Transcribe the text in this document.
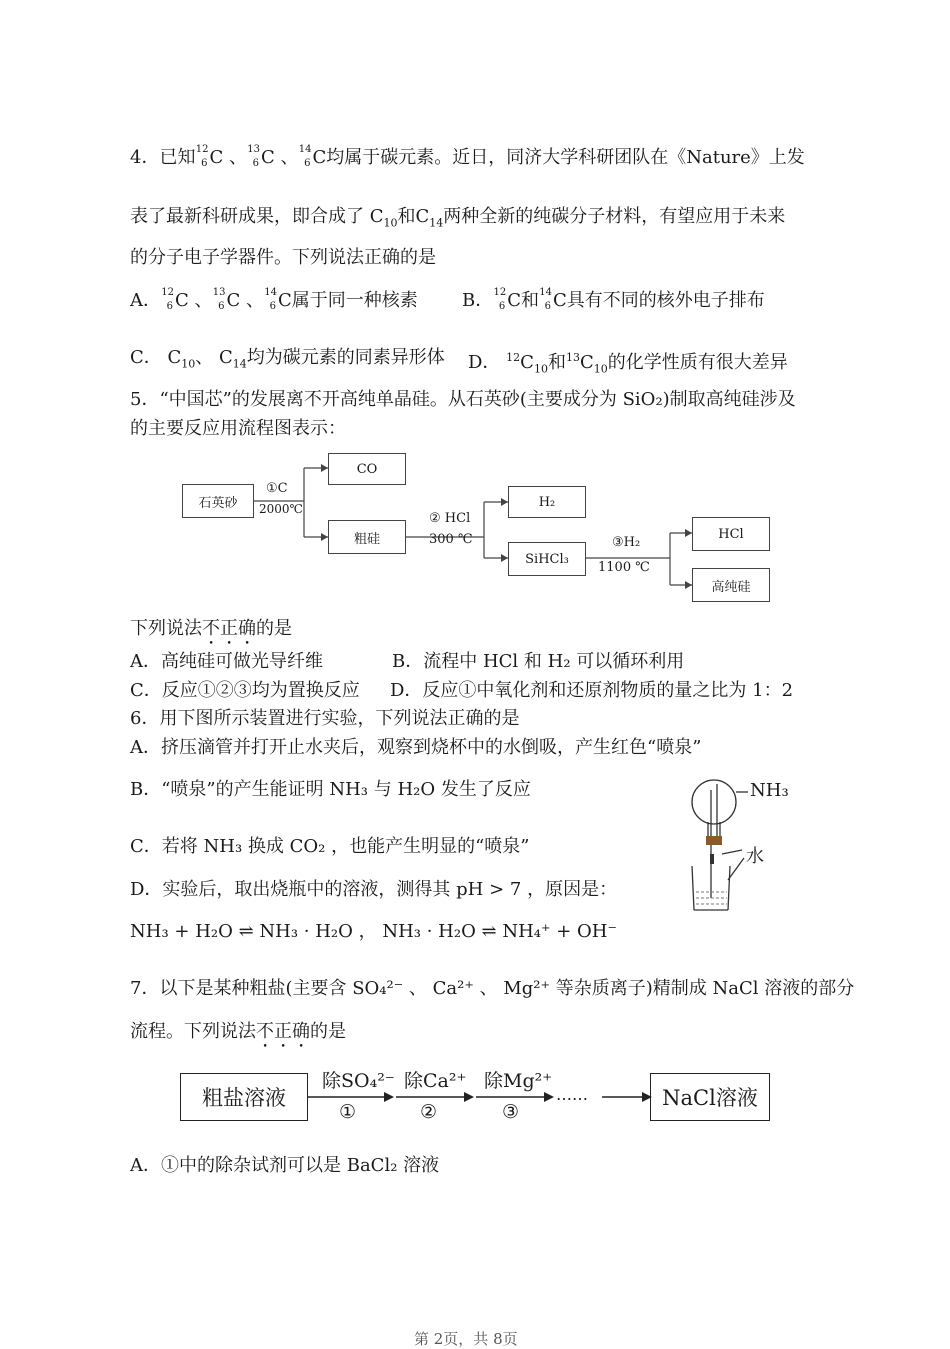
4．已知 12
6 C 、 13
6 C 、 14
6 C均属于碳元素。近日，同济大学科研团队在《Nature》上发
表了最新科研成果，即合成了 $C_{10}$和$C_{14}$两种全新的纯碳分子材料，有望应用于未来
的分子电子学器件。下列说法正确的是
A． 12
6 C 、 13
6 C 、 14
6 C属于同一种核素 B． 12
6 C和 14
6 C具有不同的核外电子排布
C． $C_{10}$、 $C_{14}$均为碳元素的同素异形体 D． $^{12}C_{10}$和$^{13}C_{10}$的化学性质有很大差异
5．“中国芯”的发展离不开高纯单晶硅。从石英砂(主要成分为 SiO₂)制取高纯硅涉及
的主要反应用流程图表示：
石英砂
CO
粗硅
H₂
SiHCl₃
HCl
高纯硅
①C
2000℃
② HCl
300 ℃	③H₂
1100 ℃
下列说法不正确的是
A．高纯硅可做光导纤维	B．流程中 HCl 和 H₂ 可以循环利用
C．反应①②③均为置换反应 D．反应①中氧化剂和还原剂物质的量之比为 1：2
6．用下图所示装置进行实验，下列说法正确的是
A．挤压滴管并打开止水夹后，观察到烧杯中的水倒吸，产生红色“喷泉”
B．“喷泉”的产生能证明 NH₃ 与 H₂O 发生了反应
C．若将 NH₃ 换成 CO₂ ，也能产生明显的“喷泉”
D．实验后，取出烧瓶中的溶液，测得其 pH > 7 ，原因是：
NH₃ + H₂O ⇌ NH₃ · H₂O ， NH₃ · H₂O ⇌ NH₄⁺ + OH⁻
NH₃
水
7．以下是某种粗盐(主要含 SO₄²⁻ 、 Ca²⁺ 、 Mg²⁺ 等杂质离子)精制成 NaCl 溶液的部分
流程。下列说法不正确的是
粗盐溶液	NaCl溶液
除SO₄²⁻ 除Ca²⁺ 除Mg²⁺
①	②	③
……
A．①中的除杂试剂可以是 BaCl₂ 溶液
第 2页，共 8页
